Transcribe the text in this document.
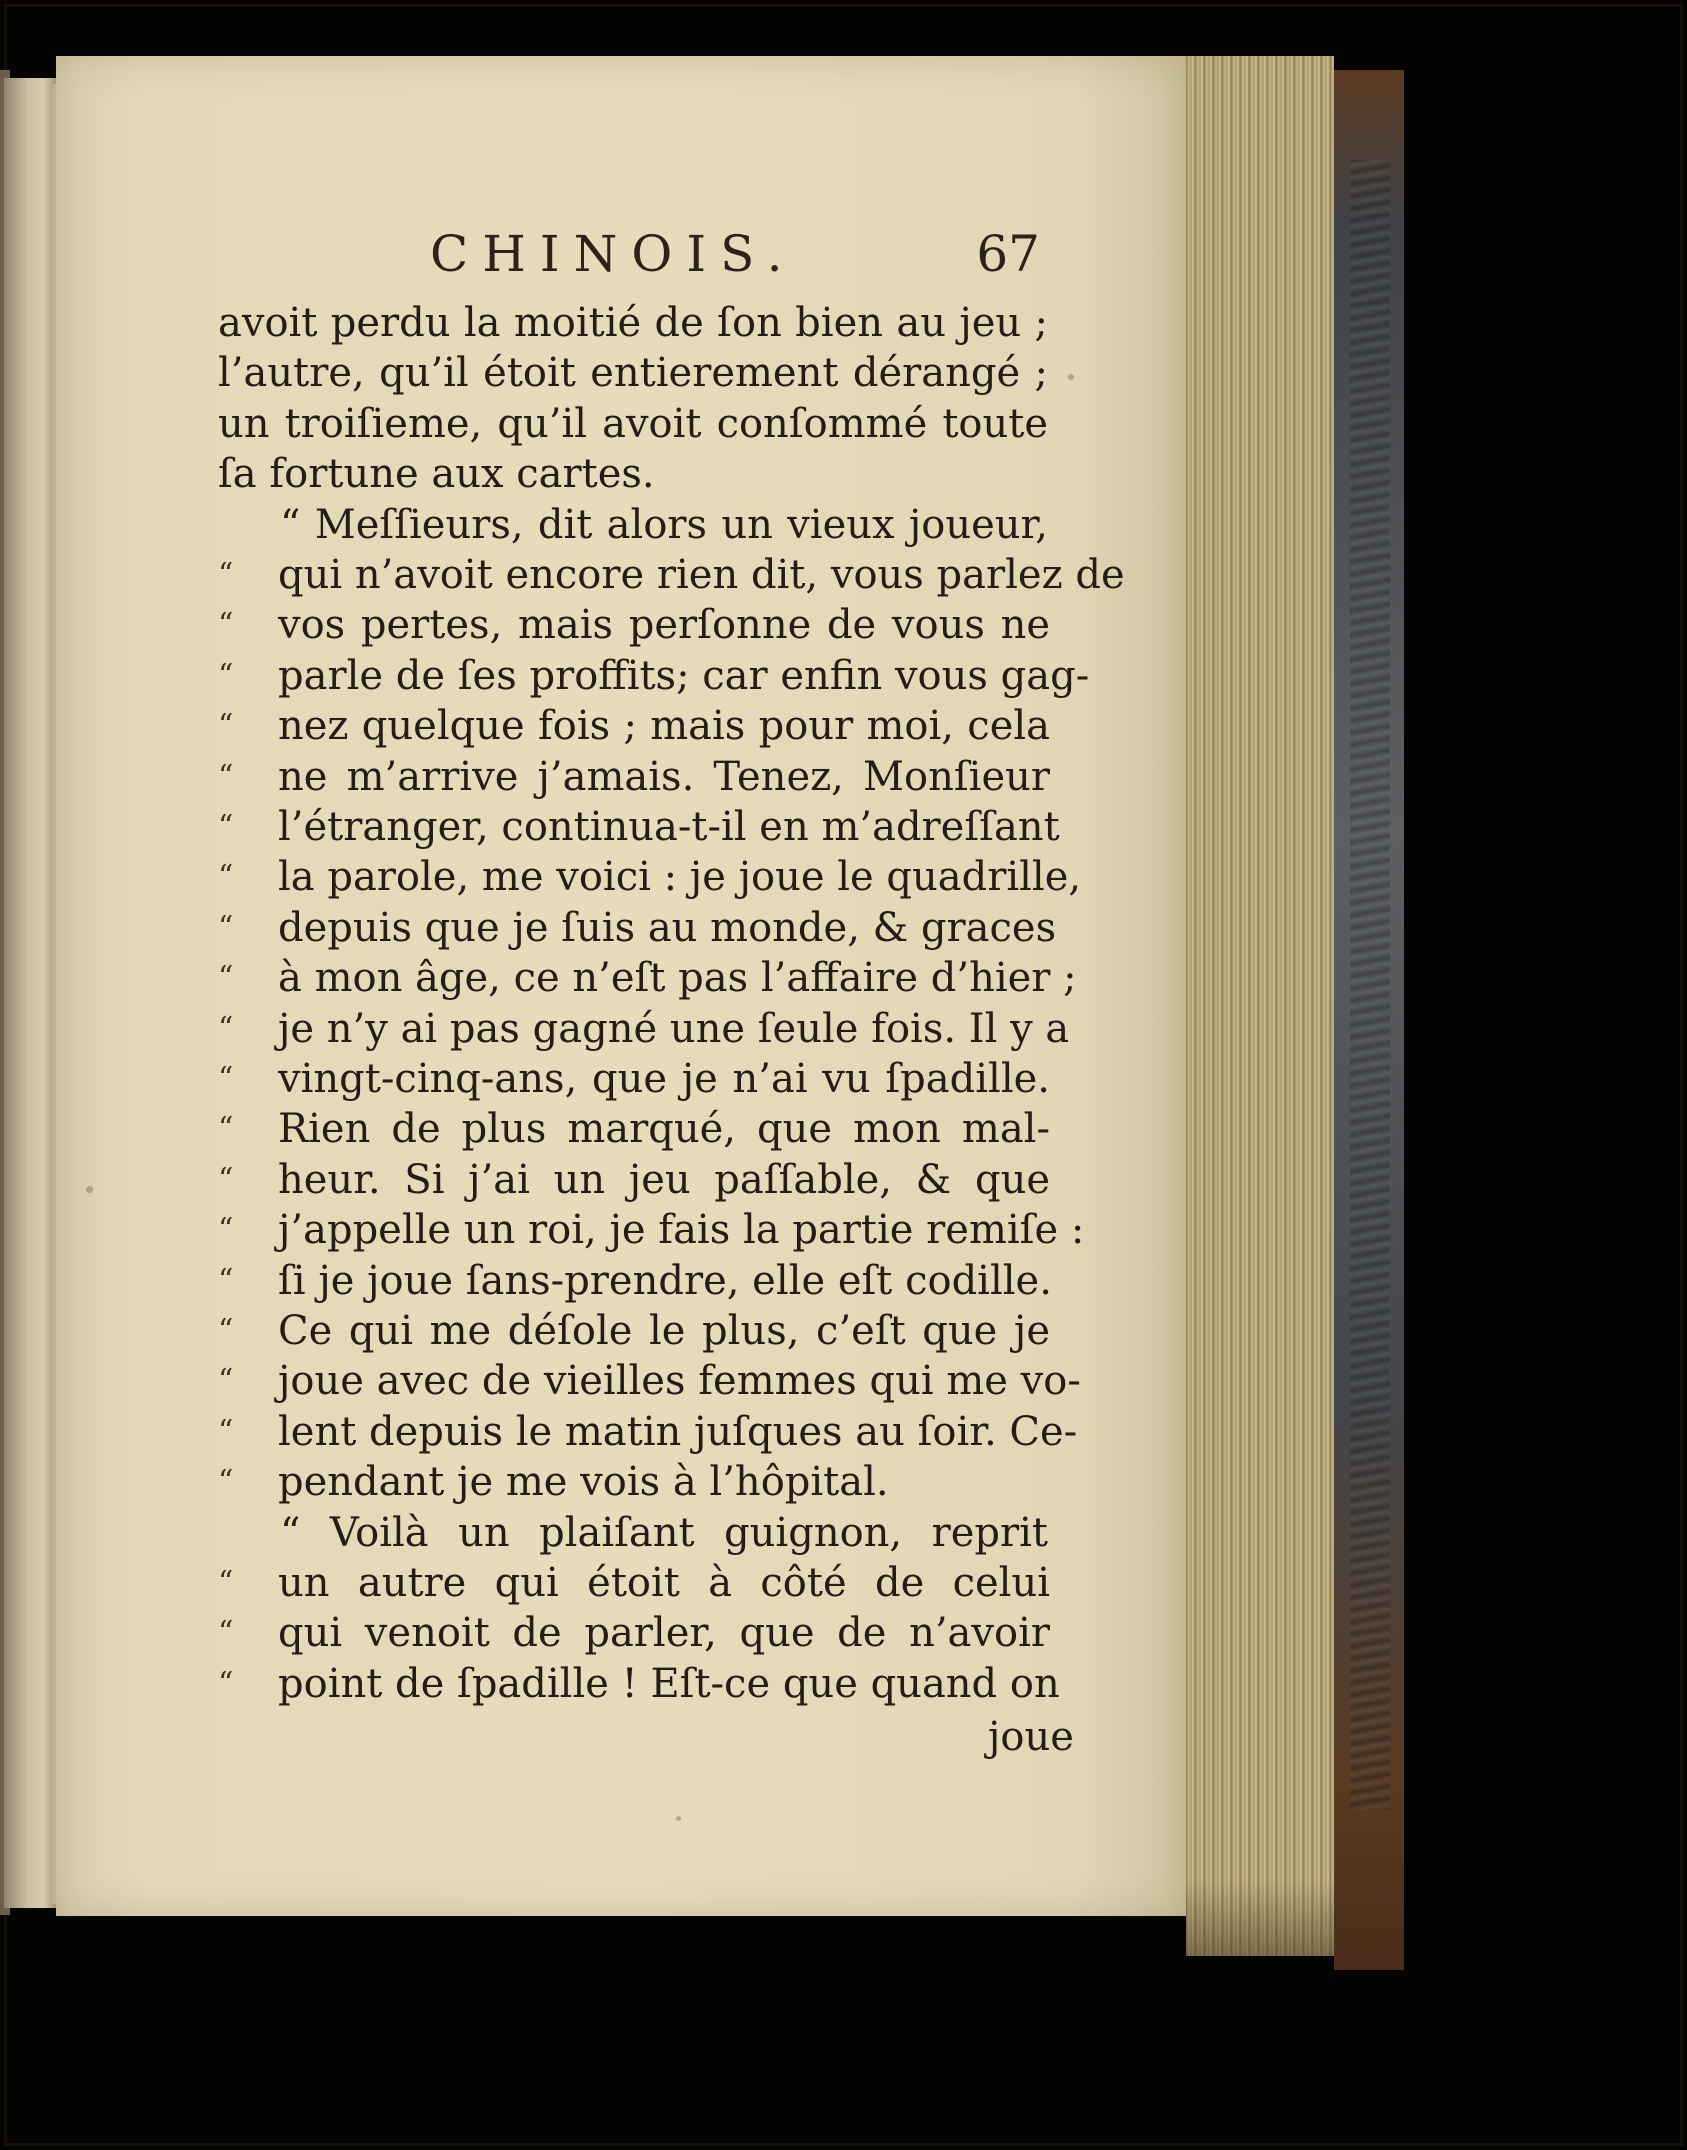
CHINOIS.	67
avoit perdu la moitié de ſon bien au jeu ;
l’autre, qu’il étoit entierement dérangé ;
un troiſieme, qu’il avoit conſommé toute
ſa fortune aux cartes.
“ Meſſieurs, dit alors un vieux joueur,
“	qui n’avoit encore rien dit, vous parlez de
“	vos pertes, mais perſonne de vous ne
“	parle de ſes proffits; car enfin vous gag-
“	nez quelque fois ; mais pour moi, cela
“	ne m’arrive j’amais. Tenez, Monſieur
“	l’étranger, continua-t-il en m’adreſſant
“	la parole, me voici : je joue le quadrille,
“	depuis que je ſuis au monde, & graces
“	à mon âge, ce n’eſt pas l’affaire d’hier ;
“	je n’y ai pas gagné une ſeule fois. Il y a
“	vingt-cinq-ans, que je n’ai vu ſpadille.
“	Rien de plus marqué, que mon mal-
“	heur. Si j’ai un jeu paſſable, & que
“	j’appelle un roi, je fais la partie remiſe :
“	ſi je joue ſans-prendre, elle eſt codille.
“	Ce qui me déſole le plus, c’eſt que je
“	joue avec de vieilles femmes qui me vo-
“	lent depuis le matin juſques au ſoir. Ce-
“	pendant je me vois à l’hôpital.
“ Voilà un plaiſant guignon, reprit
“	un autre qui étoit à côté de celui
“	qui venoit de parler, que de n’avoir
“	point de ſpadille ! Eſt-ce que quand on
joue
